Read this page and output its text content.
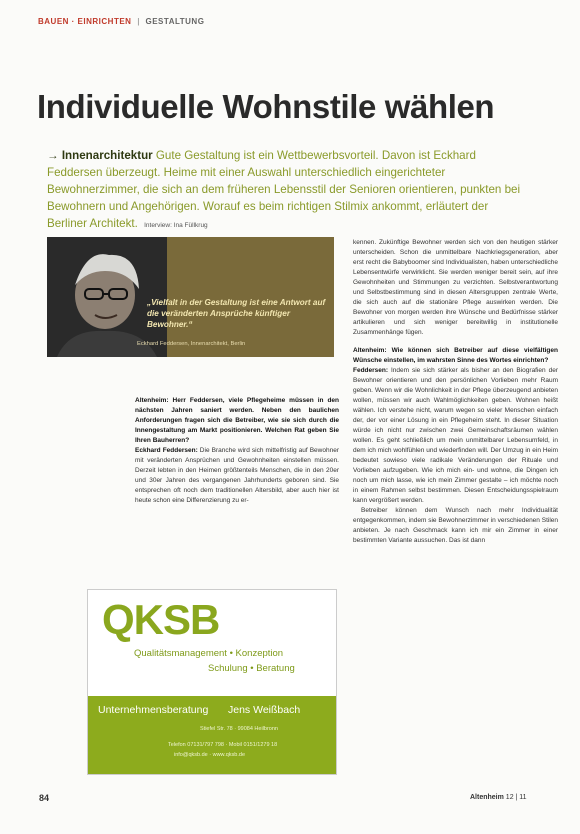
BAUEN · EINRICHTEN | GESTALTUNG
Individuelle Wohnstile wählen

→ Innenarchitektur Gute Gestaltung ist ein Wettbewerbsvorteil. Davon ist Eckhard Feddersen überzeugt. Heime mit einer Auswahl unterschiedlich eingerichteter Bewohnerzimmer, die sich an dem früheren Lebensstil der Senioren orientieren, punkten bei Bewohnern und Angehörigen. Worauf es beim richtigen Stilmix ankommt, erläutert der Berliner Architekt. Interview: Ina Füllkrug

„Vielfalt in der Gestaltung ist eine Antwort auf die veränderten Ansprüche künftiger Bewohner.“

Eckhard Feddersen, Innenarchitekt, Berlin

Altenheim: Herr Feddersen, viele Pflegeheime müssen in den nächsten Jahren saniert werden. Neben den baulichen Anforderungen fragen sich die Betreiber, wie sie sich durch die Innengestaltung am Markt positionieren. Welchen Rat geben Sie Ihren Bauherren?

Eckhard Feddersen: Die Branche wird sich mittelfristig auf Bewohner mit veränderten Ansprüchen und Gewohnheiten einstellen müssen. Derzeit lebten in den Heimen größtenteils Menschen, die in den 20er und 30er Jahren des vergangenen Jahrhunderts geboren sind. Sie entsprechen oft noch dem traditionellen Altersbild, aber auch hier ist heute schon eine Differenzierung zu er-

kennen. Zukünftige Bewohner werden sich von den heutigen stärker unterscheiden. Schon die unmittelbare Nachkriegsgeneration, aber erst recht die Babyboomer sind Individualisten, haben unterschiedliche Lebensentwürfe verwirklicht. Sie werden weniger bereit sein, auf ihre Gewohnheiten und Stimmungen zu verzichten. Selbstverantwortung und Selbstbestimmung sind in diesen Altersgruppen zentrale Werte, die sich auch auf die stationäre Pflege auswirken werden. Die Bewohner von morgen werden ihre Wünsche und Bedürfnisse stärker artikulieren und sich weniger bereitwillig in institutionelle Zusammenhänge fügen.

Altenheim: Wie können sich Betreiber auf diese vielfältigen Wünsche einstellen, im wahrsten Sinne des Wortes einrichten?

Feddersen: Indem sie sich stärker als bisher an den Biografien der Bewohner orientieren und den persönlichen Vorlieben mehr Raum geben. Wenn wir die Wohnlichkeit in der Pflege überzeugend anbieten wollen, müssen wir auch Wahlmöglichkeiten geben. Wohnen heißt wählen. Ich verstehe nicht, warum wegen so vieler Menschen einfach der, der vor einer Lösung in ein Pflegeheim steht. In dieser Situation würde ich nicht nur zwischen zwei Gemeinschaftsräumen wählen wollen. Es geht schließlich um mein unmittelbarer Lebensumfeld, in dem ich mich wohlfühlen und wiederfinden will. Der Umzug in ein Heim bedeutet sowieso viele radikale Veränderungen der Rituale und Vorlieben aufzugeben. Wie ich mich ein- und wohne, die Dingen ich noch um mich lasse, wie ich mein Zimmer gestalte – ich möchte noch in einem Rahmen selbst bestimmen. Diesen Entscheidungsspielraum kann vergrößert werden.

Betreiber können dem Wunsch nach mehr Individualität entgegenkommen, indem sie Bewohnerzimmer in verschiedenen Stilen anbieten. Je nach Geschmack kann ich mir ein Zimmer in einer bestimmten Variante aussuchen. Das ist dann

QKSB
Qualitätsmanagement • Konzeption
Schulung • Beratung
Unternehmensberatung Jens Weißbach
Stiefel Str. 78 · 99084 Heilbronn
Telefon 07131/797 798 · Mobil 0151/1279 18
info@qksb.de · www.qksb.de
84	Altenheim 12 | 11
